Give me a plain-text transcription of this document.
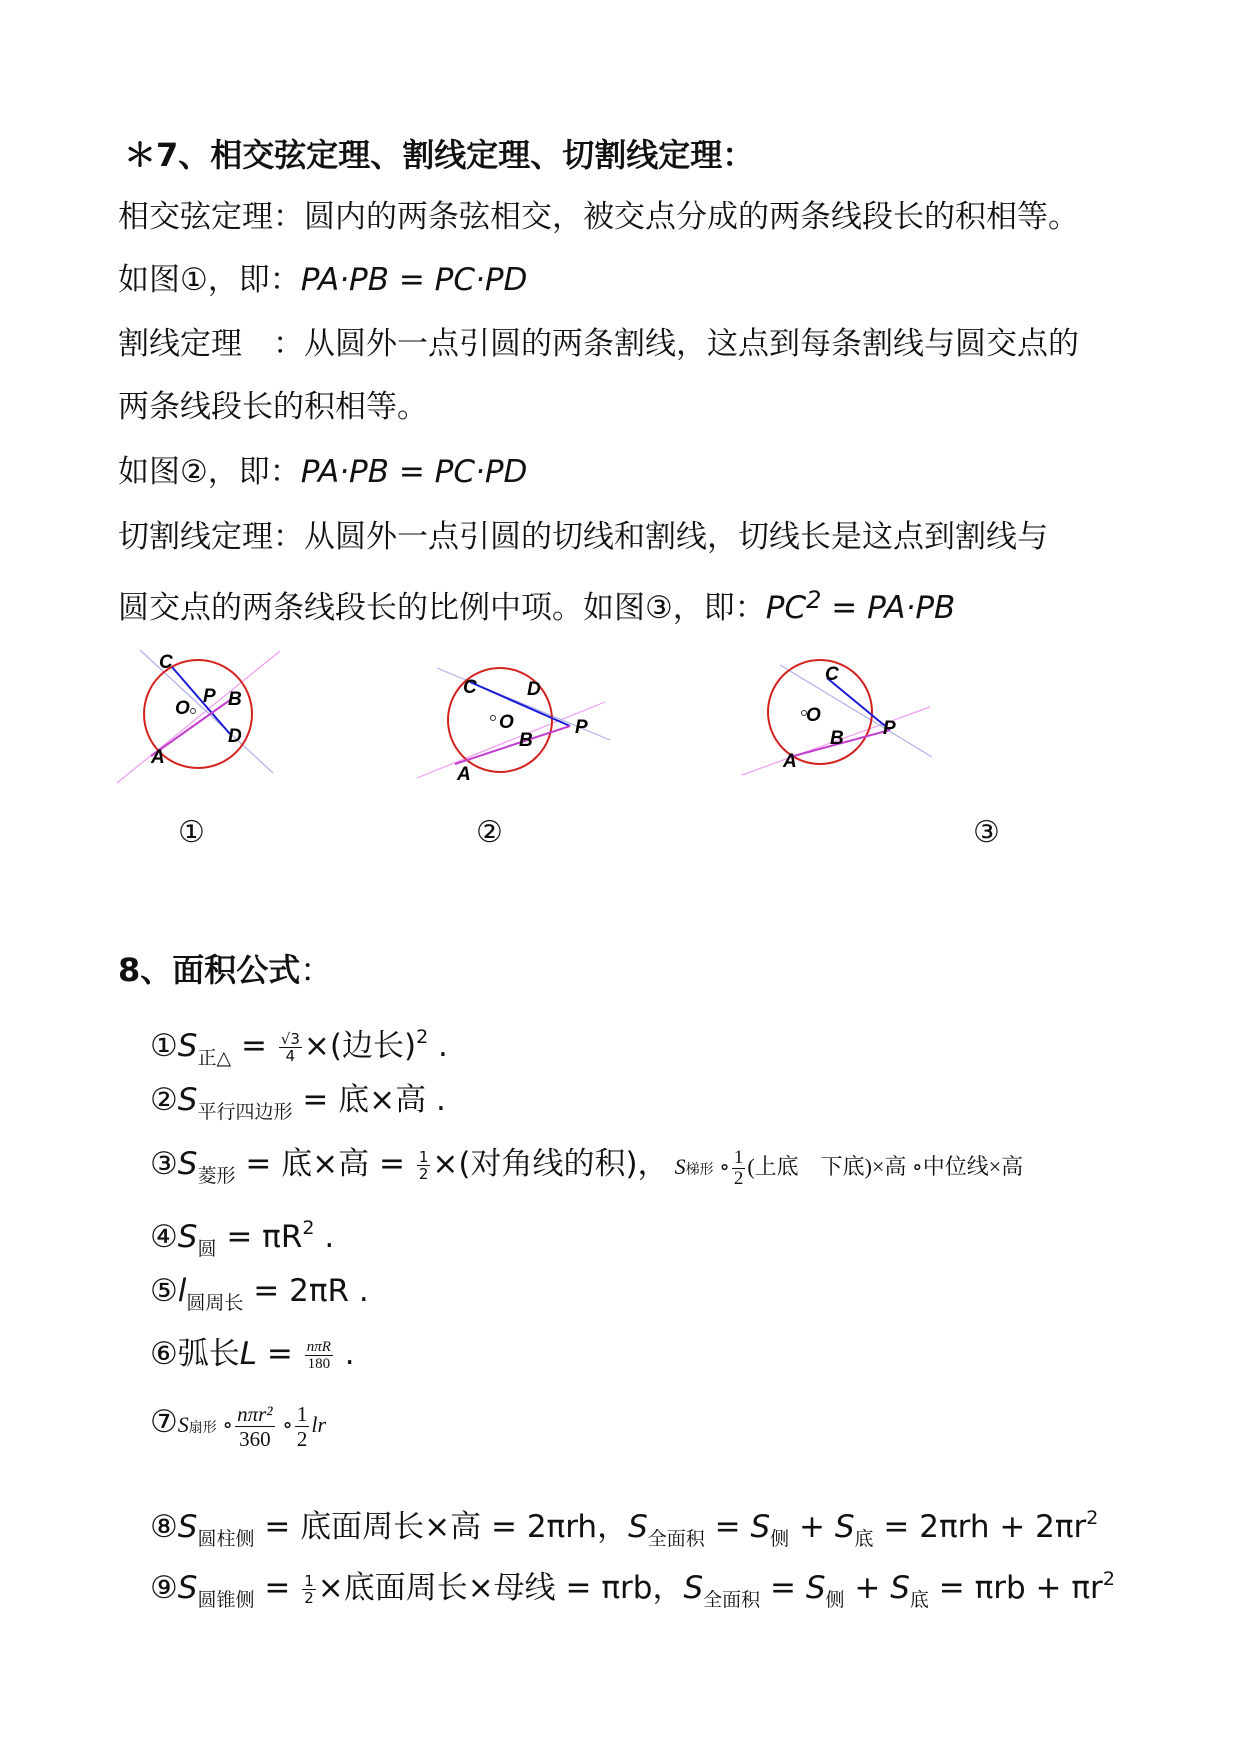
＊7、相交弦定理、割线定理、切割线定理：
相交弦定理：圆内的两条弦相交，被交点分成的两条线段长的积相等。
如图①，即：PA·PB = PC·PD
割线定理　：从圆外一点引圆的两条割线，这点到每条割线与圆交点的
两条线段长的积相等。
如图②，即：PA·PB = PC·PD
切割线定理：从圆外一点引圆的切线和割线，切线长是这点到割线与
圆交点的两条线段长的比例中项。如图③，即：$PC^2 = PA\cdot PB$
C
O
P B
D
A
C	D
O	P
B
A
C
O
P
B
A
①	②	③
8、面积公式：
$①S_{正\triangle} = \frac{√3}{4}$ ×(边长)$^2$ .
$②S_{平行四边形}$ = 底×高 .
$③S_{菱形}$ = 底×高 = $\frac{1}{2}$ ×(对角线的积)， S梯形 ∘ $\frac{1}{2}$ (上底　下底)×高 ∘中位线×高
$④S_圆 = \pi R^2$ .
$⑤l_{圆周长} = 2\pi R$ .
⑥弧长L = nπR
180 .
⑦S扇形 ∘ nπr²
360
∘ $\frac{1}{2}$ lr
$⑧S_{圆柱侧}$ = 底面周长×高 = 2πrh，$S_{全面积} = S_侧 + S_底 = 2\pi rh + 2\pi r^2$
$⑨S_{圆锥侧} = \frac{1}{2}$ ×底面周长×母线 = πrb，$S_{全面积} = S_侧 + S_底 = \pi rb + \pi r^2$
